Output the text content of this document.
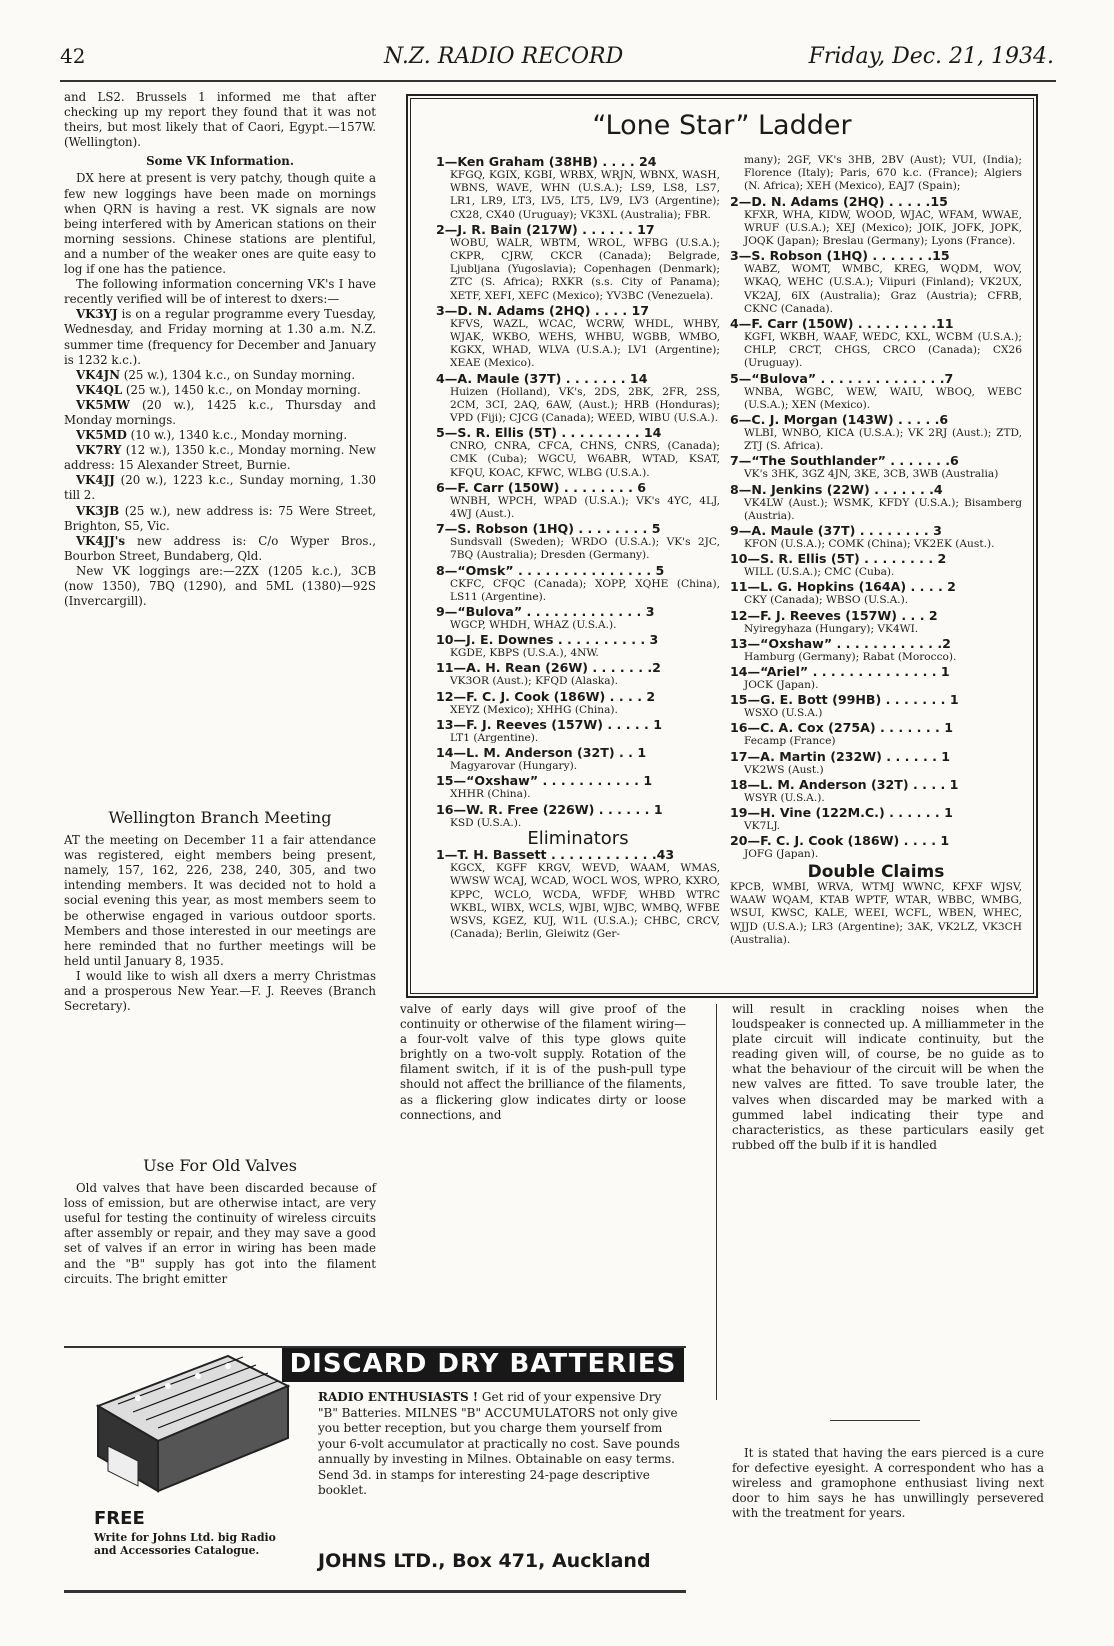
42	N.Z. RADIO RECORD	Friday, Dec. 21, 1934.

and LS2. Brussels 1 informed me that after checking up my report they found that it was not theirs, but most likely that of Caori, Egypt.—157W. (Wellington).

Some VK Information.

DX here at present is very patchy, though quite a few new loggings have been made on mornings when QRN is having a rest. VK signals are now being interfered with by American stations on their morning sessions. Chinese stations are plentiful, and a number of the weaker ones are quite easy to log if one has the patience.

The following information concerning VK's I have recently verified will be of interest to dxers:—

VK3YJ is on a regular programme every Tuesday, Wednesday, and Friday morning at 1.30 a.m. N.Z. summer time (frequency for December and January is 1232 k.c.).

VK4JN (25 w.), 1304 k.c., on Sunday morning.

VK4QL (25 w.), 1450 k.c., on Monday morning.

VK5MW (20 w.), 1425 k.c., Thursday and Monday mornings.

VK5MD (10 w.), 1340 k.c., Monday morning.

VK7RY (12 w.), 1350 k.c., Monday morning. New address: 15 Alexander Street, Burnie.

VK4JJ (20 w.), 1223 k.c., Sunday morning, 1.30 till 2.

VK3JB (25 w.), new address is: 75 Were Street, Brighton, S5, Vic.

VK4JJ's new address is: C/o Wyper Bros., Bourbon Street, Bundaberg, Qld.

New VK loggings are:—2ZX (1205 k.c.), 3CB (now 1350), 7BQ (1290), and 5ML (1380)—92S (Invercargill).

Wellington Branch Meeting

AT the meeting on December 11 a fair attendance was registered, eight members being present, namely, 157, 162, 226, 238, 240, 305, and two intending members. It was decided not to hold a social evening this year, as most members seem to be otherwise engaged in various outdoor sports. Members and those interested in our meetings are here reminded that no further meetings will be held until January 8, 1935.

I would like to wish all dxers a merry Christmas and a prosperous New Year.—F. J. Reeves (Branch Secretary).

Use For Old Valves

Old valves that have been discarded because of loss of emission, but are otherwise intact, are very useful for testing the continuity of wireless circuits after assembly or repair, and they may save a good set of valves if an error in wiring has been made and the "B" supply has got into the filament circuits. The bright emitter

“Lone Star” Ladder
1—Ken Graham (38HB) . . . . 24
KFGQ, KGIX, KGBI, WRBX, WRJN, WBNX, WASH, WBNS, WAVE, WHN (U.S.A.); LS9, LS8, LS7, LR1, LR9, LT3, LV5, LT5, LV9, LV3 (Argentine); CX28, CX40 (Uruguay); VK3XL (Australia); FBR.
2—J. R. Bain (217W) . . . . . . 17
WOBU, WALR, WBTM, WROL, WFBG (U.S.A.); CKPR, CJRW, CKCR (Canada); Belgrade, Ljubljana (Yugoslavia); Copenhagen (Denmark); ZTC (S. Africa); RXKR (s.s. City of Panama); XETF, XEFI, XEFC (Mexico); YV3BC (Venezuela).
3—D. N. Adams (2HQ) . . . . 17
KFVS, WAZL, WCAC, WCRW, WHDL, WHBY, WJAK, WKBO, WEHS, WHBU, WGBB, WMBO, KGKX, WHAD, WLVA (U.S.A.); LV1 (Argentine); XEAE (Mexico).
4—A. Maule (37T) . . . . . . . 14
Huizen (Holland), VK's, 2DS, 2BK, 2FR, 2SS, 2CM, 3CI, 2AQ, 6AW, (Aust.); HRB (Honduras); VPD (Fiji); CJCG (Canada); WEED, WIBU (U.S.A.).
5—S. R. Ellis (5T) . . . . . . . . . 14
CNRO, CNRA, CFCA, CHNS, CNRS, (Canada); CMK (Cuba); WGCU, W6ABR, WTAD, KSAT, KFQU, KOAC, KFWC, WLBG (U.S.A.).
6—F. Carr (150W) . . . . . . . . 6
WNBH, WPCH, WPAD (U.S.A.); VK's 4YC, 4LJ, 4WJ (Aust.).
7—S. Robson (1HQ) . . . . . . . . 5
Sundsvall (Sweden); WRDO (U.S.A.); VK's 2JC, 7BQ (Australia); Dresden (Germany).
8—“Omsk” . . . . . . . . . . . . . . . 5
CKFC, CFQC (Canada); XOPP, XQHE (China), LS11 (Argentine).
9—“Bulova” . . . . . . . . . . . . . 3
WGCP, WHDH, WHAZ (U.S.A.).
10—J. E. Downes . . . . . . . . . . 3
KGDE, KBPS (U.S.A.), 4NW.
11—A. H. Rean (26W) . . . . . . .2
VK3OR (Aust.); KFQD (Alaska).
12—F. C. J. Cook (186W) . . . . 2
XEYZ (Mexico); XHHG (China).
13—F. J. Reeves (157W) . . . . . 1
LT1 (Argentine).
14—L. M. Anderson (32T) . . 1
Magyarovar (Hungary).
15—“Oxshaw” . . . . . . . . . . . 1
XHHR (China).
16—W. R. Free (226W) . . . . . . 1
KSD (U.S.A.).

Eliminators

1—T. H. Bassett . . . . . . . . . . . .43
KGCX, KGFF KRGV, WEVD, WAAM, WMAS, WWSW WCAJ, WCAD, WOCL WOS, WPRO, KXRO, KPPC, WCLO, WCDA, WFDF, WHBD WTRC WKBL, WIBX, WCLS, WJBI, WJBC, WMBQ, WFBE WSVS, KGEZ, KUJ, W1L (U.S.A.); CHBC, CRCV, (Canada); Berlin, Gleiwitz (Ger-
many); 2GF, VK's 3HB, 2BV (Aust); VUI, (India); Florence (Italy); Paris, 670 k.c. (France); Algiers (N. Africa); XEH (Mexico), EAJ7 (Spain);
2—D. N. Adams (2HQ) . . . . .15
KFXR, WHA, KIDW, WOOD, WJAC, WFAM, WWAE, WRUF (U.S.A.); XEJ (Mexico); JOIK, JOFK, JOPK, JOQK (Japan); Breslau (Germany); Lyons (France).
3—S. Robson (1HQ) . . . . . . .15
WABZ, WOMT, WMBC, KREG, WQDM, WOV, WKAQ, WEHC (U.S.A.); Viipuri (Finland); VK2UX, VK2AJ, 6IX (Australia); Graz (Austria); CFRB, CKNC (Canada).
4—F. Carr (150W) . . . . . . . . .11
KGFI, WKBH, WAAF, WEDC, KXL, WCBM (U.S.A.); CHLP, CRCT, CHGS, CRCO (Canada); CX26 (Uruguay).
5—“Bulova” . . . . . . . . . . . . . .7
WNBA, WGBC, WEW, WAIU, WBOQ, WEBC (U.S.A.); XEN (Mexico).
6—C. J. Morgan (143W) . . . . .6
WLBI, WNBO, KICA (U.S.A.); VK 2RJ (Aust.); ZTD, ZTJ (S. Africa).
7—“The Southlander” . . . . . . .6
VK's 3HK, 3GZ 4JN, 3KE, 3CB, 3WB (Australia)
8—N. Jenkins (22W) . . . . . . .4
VK4LW (Aust.); WSMK, KFDY (U.S.A.); Bisamberg (Austria).
9—A. Maule (37T) . . . . . . . . 3
KFON (U.S.A.); COMK (China); VK2EK (Aust.).
10—S. R. Ellis (5T) . . . . . . . . 2
WILL (U.S.A.); CMC (Cuba).
11—L. G. Hopkins (164A) . . . . 2
CKY (Canada); WBSO (U.S.A.).
12—F. J. Reeves (157W) . . . 2
Nyiregyhaza (Hungary); VK4WI.
13—“Oxshaw” . . . . . . . . . . . .2
Hamburg (Germany); Rabat (Morocco).
14—“Ariel” . . . . . . . . . . . . . . 1
JOCK (Japan).
15—G. E. Bott (99HB) . . . . . . . 1
WSXO (U.S.A.)
16—C. A. Cox (275A) . . . . . . . 1
Fecamp (France)
17—A. Martin (232W) . . . . . . 1
VK2WS (Aust.)
18—L. M. Anderson (32T) . . . . 1
WSYR (U.S.A.).
19—H. Vine (122M.C.) . . . . . . 1
VK7LJ.
20—F. C. J. Cook (186W) . . . . 1
JOFG (Japan).

Double Claims

KPCB, WMBI, WRVA, WTMJ WWNC, KFXF WJSV, WAAW WQAM, KTAB WPTF, WTAR, WBBC, WMBG, WSUI, KWSC, KALE, WEEI, WCFL, WBEN, WHEC, WJJD (U.S.A.); LR3 (Argentine); 3AK, VK2LZ, VK3CH (Australia).

valve of early days will give proof of the continuity or otherwise of the filament wiring—a four-volt valve of this type glows quite brightly on a two-volt supply. Rotation of the filament switch, if it is of the push-pull type should not affect the brilliance of the filaments, as a flickering glow indicates dirty or loose connections, and

will result in crackling noises when the loudspeaker is connected up. A milliammeter in the plate circuit will indicate continuity, but the reading given will, of course, be no guide as to what the behaviour of the circuit will be when the new valves are fitted. To save trouble later, the valves when discarded may be marked with a gummed label indicating their type and characteristics, as these particulars easily get rubbed off the bulb if it is handled

It is stated that having the ears pierced is a cure for defective eyesight. A correspondent who has a wireless and gramophone enthusiast living next door to him says he has unwillingly persevered with the treatment for years.

DISCARD DRY BATTERIES
RADIO ENTHUSIASTS ! Get rid of your expensive Dry "B" Batteries. MILNES "B" ACCUMULATORS not only give you better reception, but you charge them yourself from your 6-volt accumulator at practically no cost. Save pounds annually by investing in Milnes. Obtainable on easy terms. Send 3d. in stamps for interesting 24-page descriptive booklet.
FREE
Write for Johns Ltd. big Radio and Accessories Catalogue.	JOHNS LTD., Box 471, Auckland
